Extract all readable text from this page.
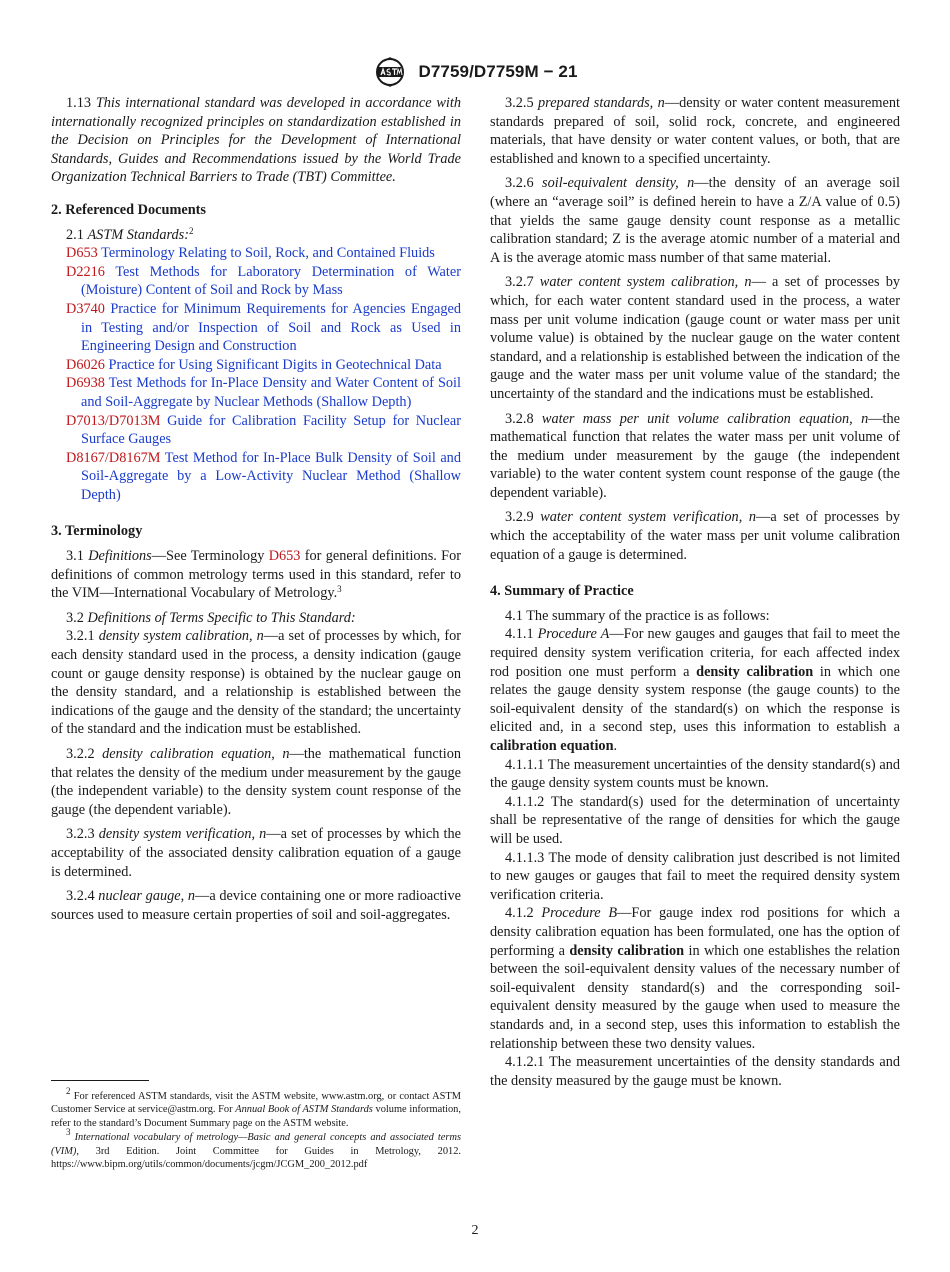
D7759/D7759M − 21

1.13 This international standard was developed in accordance with internationally recognized principles on standardization established in the Decision on Principles for the Development of International Standards, Guides and Recommendations issued by the World Trade Organization Technical Barriers to Trade (TBT) Committee.

2. Referenced Documents

2.1 ASTM Standards:$^2$

D653 Terminology Relating to Soil, Rock, and Contained Fluids

D2216 Test Methods for Laboratory Determination of Water (Moisture) Content of Soil and Rock by Mass

D3740 Practice for Minimum Requirements for Agencies Engaged in Testing and/or Inspection of Soil and Rock as Used in Engineering Design and Construction

D6026 Practice for Using Significant Digits in Geotechnical Data

D6938 Test Methods for In-Place Density and Water Content of Soil and Soil-Aggregate by Nuclear Methods (Shallow Depth)

D7013/D7013M Guide for Calibration Facility Setup for Nuclear Surface Gauges

D8167/D8167M Test Method for In-Place Bulk Density of Soil and Soil-Aggregate by a Low-Activity Nuclear Method (Shallow Depth)

3. Terminology

3.1 Definitions—See Terminology D653 for general definitions. For definitions of common metrology terms used in this standard, refer to the VIM—International Vocabulary of Metrology.$^3$

3.2 Definitions of Terms Specific to This Standard:

3.2.1 density system calibration, n—a set of processes by which, for each density standard used in the process, a density indication (gauge count or gauge density response) is obtained by the nuclear gauge on the density standard, and a relationship is established between the indications of the gauge and the density of the standard; the uncertainty of the standard and the indication must be established.

3.2.2 density calibration equation, n—the mathematical function that relates the density of the medium under measurement by the gauge (the independent variable) to the density system count response of the gauge (the dependent variable).

3.2.3 density system verification, n—a set of processes by which the acceptability of the associated density calibration equation of a gauge is determined.

3.2.4 nuclear gauge, n—a device containing one or more radioactive sources used to measure certain properties of soil and soil-aggregates.

$^2$ For referenced ASTM standards, visit the ASTM website, www.astm.org, or contact ASTM Customer Service at service@astm.org. For Annual Book of ASTM Standards volume information, refer to the standard’s Document Summary page on the ASTM website.

$^3$ International vocabulary of metrology—Basic and general concepts and associated terms (VIM), 3rd Edition. Joint Committee for Guides in Metrology, 2012. https://www.bipm.org/utils/common/documents/jcgm/JCGM_200_2012.pdf

3.2.5 prepared standards, n—density or water content measurement standards prepared of soil, solid rock, concrete, and engineered materials, that have density or water content values, or both, that are established and known to a specified uncertainty.

3.2.6 soil-equivalent density, n—the density of an average soil (where an “average soil” is defined herein to have a Z/A value of 0.5) that yields the same gauge density count response as a metallic calibration standard; Z is the average atomic number of a material and A is the average atomic mass number of that same material.

3.2.7 water content system calibration, n— a set of processes by which, for each water content standard used in the process, a water mass per unit volume indication (gauge count or water mass per unit volume value) is obtained by the nuclear gauge on the water content standard, and a relationship is established between the indication of the gauge and the water mass per unit volume value of the standard; the uncertainty of the standard and the indications must be established.

3.2.8 water mass per unit volume calibration equation, n—the mathematical function that relates the water mass per unit volume of the medium under measurement by the gauge (the independent variable) to the water content system count response of the gauge (the dependent variable).

3.2.9 water content system verification, n—a set of processes by which the acceptability of the water mass per unit volume calibration equation of a gauge is determined.

4. Summary of Practice

4.1 The summary of the practice is as follows:

4.1.1 Procedure A—For new gauges and gauges that fail to meet the required density system verification criteria, for each affected index rod position one must perform a density calibration in which one relates the gauge density system response (the gauge counts) to the soil-equivalent density of the standard(s) on which the response is elicited and, in a second step, uses this information to establish a calibration equation.

4.1.1.1 The measurement uncertainties of the density standard(s) and the gauge density system counts must be known.

4.1.1.2 The standard(s) used for the determination of uncertainty shall be representative of the range of densities for which the gauge will be used.

4.1.1.3 The mode of density calibration just described is not limited to new gauges or gauges that fail to meet the required density system verification criteria.

4.1.2 Procedure B—For gauge index rod positions for which a density calibration equation has been formulated, one has the option of performing a density calibration in which one establishes the relation between the soil-equivalent density values of the necessary number of soil-equivalent density standard(s) and the corresponding soil-equivalent density measured by the gauge when used to measure the standards and, in a second step, uses this information to establish the relationship between these two density values.

4.1.2.1 The measurement uncertainties of the density standards and the density measured by the gauge must be known.

2
